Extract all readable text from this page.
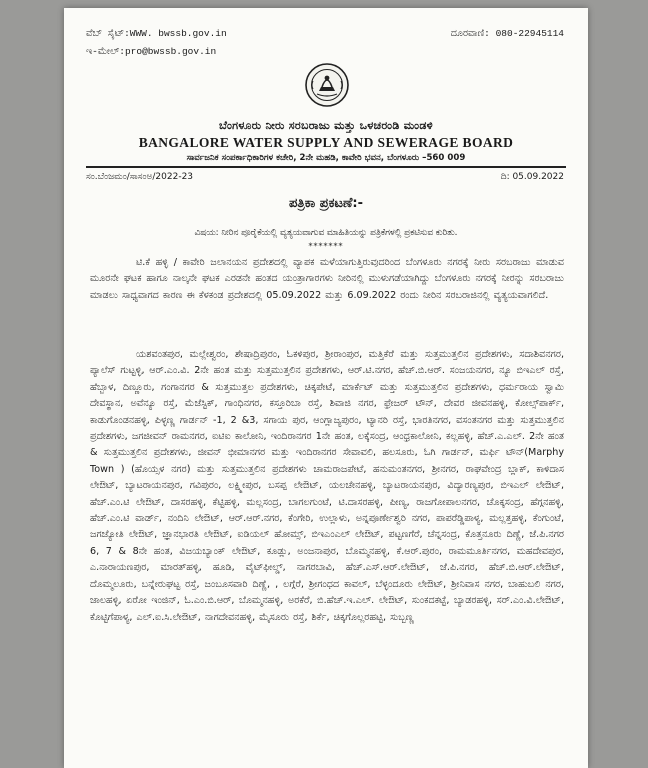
ವೆಬ್ ಸೈಟ್:WWW. bwssb.gov.in
ಇ-ಮೇಲ್:pro@bwssb.gov.in
ದೂರವಾಣಿ: 080-22945114
ಬೆಂಗಳೂರು ನೀರು ಸರಬರಾಜು ಮತ್ತು ಒಳಚರಂಡಿ ಮಂಡಳಿ
BANGALORE WATER SUPPLY AND SEWERAGE BOARD
ಸಾರ್ವಜನಿಕ ಸಂಪರ್ಕಾಧಿಕಾರಿಗಳ ಕಚೇರಿ, 2ನೇ ಮಹಡಿ, ಕಾವೇರಿ ಭವನ, ಬೆಂಗಳೂರು –560 009
ಸಂ.ಬೆಂಜಮಂ/ಸಾಸಂಅ/2022-23	ದಿ: 05.09.2022
ಪತ್ರಿಕಾ ಪ್ರಕಟಣೆ:-
ವಿಷಯ: ನೀರಿನ ಪೂರೈಕೆಯಲ್ಲಿ ವ್ಯತ್ಯಯವಾಗುವ ಮಾಹಿತಿಯನ್ನು ಪತ್ರಿಕೆಗಳಲ್ಲಿ ಪ್ರಕಟಿಸುವ ಕುರಿತು.
*******
ಟಿ.ಕೆ ಹಳ್ಳಿ / ಕಾವೇರಿ ಜಲಾನಯನ ಪ್ರದೇಶದಲ್ಲಿ ವ್ಯಾಪಕ ಮಳೆಯಾಗುತ್ತಿರುವುದರಿಂದ ಬೆಂಗಳೂರು ನಗರಕ್ಕೆ ನೀರು ಸರಬರಾಜು ಮಾಡುವ ಮೂರನೇ ಘಟಕ ಹಾಗೂ ನಾಲ್ಕನೇ ಘಟಕ ಎರಡನೇ ಹಂತದ ಯಂತ್ರಾಗಾರಗಳು ನೀರಿನಲ್ಲಿ ಮುಳುಗಡೆಯಾಗಿದ್ದು ಬೆಂಗಳೂರು ನಗರಕ್ಕೆ ನೀರನ್ನು ಸರಬರಾಜು ಮಾಡಲು ಸಾಧ್ಯವಾಗದ ಕಾರಣ ಈ ಕೆಳಕಂಡ ಪ್ರದೇಶದಲ್ಲಿ 05.09.2022 ಮತ್ತು 6.09.2022 ರಂದು ನೀರಿನ ಸರಬರಾಜಿನಲ್ಲಿ ವ್ಯತ್ಯಯವಾಗಲಿದೆ.
ಯಶವಂತಪುರ, ಮಲ್ಲೇಶ್ವರಂ, ಶೇಷಾದ್ರಿಪುರಂ, ಓಕಳಿಪುರ, ಶ್ರೀರಾಂಪುರ, ಮತ್ತಿಕೆರೆ ಮತ್ತು ಸುತ್ತಮುತ್ತಲಿನ ಪ್ರದೇಶಗಳು, ಸದಾಶಿವನಗರ, ಪ್ಯಾಲೆಸ್ ಗುಟ್ಟಳ್ಳಿ, ಆರ್.ಎಂ.ವಿ. 2ನೇ ಹಂತ ಮತ್ತು ಸುತ್ತಮುತ್ತಲಿನ ಪ್ರದೇಶಗಳು, ಆರ್.ಟಿ.ನಗರ, ಹೆಚ್.ಬಿ.ಆರ್. ಸಂಜಯನಗರ, ನ್ಯೂ ಬಿಇಎಲ್ ರಸ್ತೆ, ಹೆಬ್ಬಾಳ, ದಿಣ್ಣೂರು, ಗಂಗಾನಗರ & ಸುತ್ತಮುತ್ತಲ ಪ್ರದೇಶಗಳು, ಚಿಕ್ಕಪೇಟೆ, ಮಾರ್ಕೆಟ್ ಮತ್ತು ಸುತ್ತಮುತ್ತಲಿನ ಪ್ರದೇಶಗಳು, ಧರ್ಮರಾಯ ಸ್ವಾಮಿ ದೇವಸ್ಥಾನ, ಅವೆನ್ಯೂ ರಸ್ತೆ, ಮೆಜೆಸ್ಟಿಕ್, ಗಾಂಧಿನಗರ, ಕಸ್ತೂರಿಬಾ ರಸ್ತೆ, ಶಿವಾಜಿ ನಗರ, ಫ್ರೇಜರ್ ಟೌನ್, ದೇವರ ಜೀವನಹಳ್ಳಿ, ಕೋಲ್ಸ್‌ಪಾರ್ಕ್, ಕಾಡುಗೊಂಡನಹಳ್ಳಿ, ಪಿಳ್ಳಣ್ಣ ಗಾರ್ಡನ್ -1, 2 &3, ಸಗಾಯ ಪುರ, ಆಂಗ್ಲಾಜ್ಯಪುರಂ, ಟ್ಯಾನರಿ ರಸ್ತೆ, ಭಾರತಿನಗರ, ವಸಂತನಗರ ಮತ್ತು ಸುತ್ತಮುತ್ತಲಿನ ಪ್ರದೇಶಗಳು, ಜಗಜೀವನ್ ರಾಮನಗರ, ಐಟಿಐ ಕಾಲೋನಿ, ಇಂದಿರಾನಗರ 1ನೇ ಹಂತ, ಲಕ್ಕೆಸಂದ್ರ, ಆಂಧ್ರಕಾಲೋನಿ, ಕಲ್ಲಹಳ್ಳಿ, ಹೆಚ್.ಎ.ಎಲ್. 2ನೇ ಹಂತ & ಸುತ್ತಮುತ್ತಲಿನ ಪ್ರದೇಶಗಳು, ಜೀವನ್ ಭೀಮಾನಗರ ಮತ್ತು ಇಂದಿರಾನಗರ ಸೇವಾವಲಿ, ಹಲಸೂರು, ಓಗಿ ಗಾರ್ಡನ್, ಮರ್ಫಿ ಟೌನ್(Marphy Town ) (ಹೊಯ್ಸಳ ನಗರ) ಮತ್ತು ಸುತ್ತಮುತ್ತಲಿನ ಪ್ರದೇಶಗಳು ಚಾಮರಾಜಪೇಟೆ, ಹನುಮಂತನಗರ, ಶ್ರೀನಗರ, ರಾಘವೇಂದ್ರ ಬ್ಲಾಕ್, ಕಾಳಿದಾಸ ಲೇಔಟ್, ಬ್ಯಾಟರಾಯನಪುರ, ಗವಿಪುರಂ, ಲಕ್ಷ್ಮೀಪುರ, ಬಸಪ್ಪ ಲೇಔಟ್, ಯಲಚೇನಹಳ್ಳಿ, ಬ್ಯಾಟರಾಯನಪುರ, ವಿದ್ಯಾರಣ್ಯಪುರ, ಬಿಇಎಲ್ ಲೇಔಟ್, ಹೆಚ್.ಎಂ.ಟಿ ಲೇಔಟ್, ದಾಸರಹಳ್ಳಿ, ಕೆಟ್ಟಿಹಳ್ಳಿ, ಮಲ್ಲಸಂದ್ರ, ಬಾಗಲಗುಂಟೆ, ಟಿ.ದಾಸರಹಳ್ಳಿ, ಪೀಣ್ಯ, ರಾಜಗೋಪಾಲನಗರ, ಚೊಕ್ಕಸಂದ್ರ, ಹೆಗ್ಗನಹಳ್ಳಿ, ಹೆಚ್.ಎಂ.ಟಿ ವಾರ್ಡ್, ನಂದಿನಿ ಲೇಔಟ್, ಆರ್.ಆರ್.ನಗರ, ಕೆಂಗೇರಿ, ಉಲ್ಲಾಳು, ಅನ್ನಪೂರ್ಣೇಶ್ವರಿ ನಗರ, ಪಾಪರೆಡ್ಡಿಪಾಳ್ಯ, ಮಲ್ಲತ್ತಹಳ್ಳಿ, ಕೆಂಗುಂಟೆ, ಜಗಜ್ಯೋತಿ ಲೇಔಟ್, ಜ್ಞಾನಭಾರತಿ ಲೇಔಟ್, ಐಡಿಯಲ್ ಹೋಮ್ಸ್, ಬಿಇಎಂಎಲ್ ಲೇಔಟ್, ಪಟ್ಟಣಗೆರೆ, ಚೆನ್ನಸಂದ್ರ, ಕೊತ್ತನೂರು ದಿಣ್ಣೆ, ಜೆ.ಪಿ.ನಗರ 6, 7 & 8ನೇ ಹಂತ, ವಿಜಯಬ್ಯಾಂಕ್ ಲೇಔಟ್, ಕೂಡ್ಲು, ಅಂಜನಾಪುರ, ಬೊಮ್ಮನಹಳ್ಳಿ, ಕೆ.ಆರ್.ಪುರಂ, ರಾಮಮೂರ್ತಿನಗರ, ಮಹದೇವಪುರ, ಎ.ನಾರಾಯಣಪುರ, ಮಾರತ್‌ಹಳ್ಳಿ, ಹೂಡಿ, ವೈಟ್‌ಫೀಲ್ಡ್, ನಾಗರಬಾವಿ, ಹೆಚ್.ಎಸ್.ಆರ್.ಲೇಔಟ್, ಜೆ.ಪಿ.ನಗರ, ಹೆಚ್.ಬಿ.ಆರ್.ಲೇಔಟ್, ದೊಮ್ಮಲೂರು, ಬನ್ನೇರುಘಟ್ಟ ರಸ್ತೆ, ಜಂಬೂಸವಾರಿ ದಿಣ್ಣೆ, , ಲಗ್ಗೆರೆ, ಶ್ರೀಗಂಧದ ಕಾವಲ್, ಬೆಳ್ಳಂದೂರು ಲೇಔಟ್, ಶ್ರೀನಿವಾಸ ನಗರ, ಬಾಹುಬಲಿ ನಗರ, ಜಾಲಹಳ್ಳಿ, ಏರೋ ಇಂಜಿನ್, ಓ.ಎಂ.ಬಿ.ಆರ್, ಬೊಮ್ಮನಹಳ್ಳಿ, ಅರಕೆರೆ, ಬಿ.ಹೆಚ್.ಇ.ಎಲ್. ಲೇಔಟ್, ಸುಂಕದಕಟ್ಟೆ, ಬ್ಯಾಡರಹಳ್ಳಿ, ಸರ್.ಎಂ.ವಿ.ಲೇಔಟ್, ಕೊಟ್ಟಿಗೆಪಾಳ್ಯ, ಎಲ್.ಐ.ಸಿ.ಲೇಔಟ್, ನಾಗದೇವನಹಳ್ಳಿ, ಮೈಸೂರು ರಸ್ತೆ, ಶಿರ್ಕೆ, ಚಿಕ್ಕಗೊಲ್ಲರಹಟ್ಟಿ, ಸುಬ್ಬಣ್ಣ
